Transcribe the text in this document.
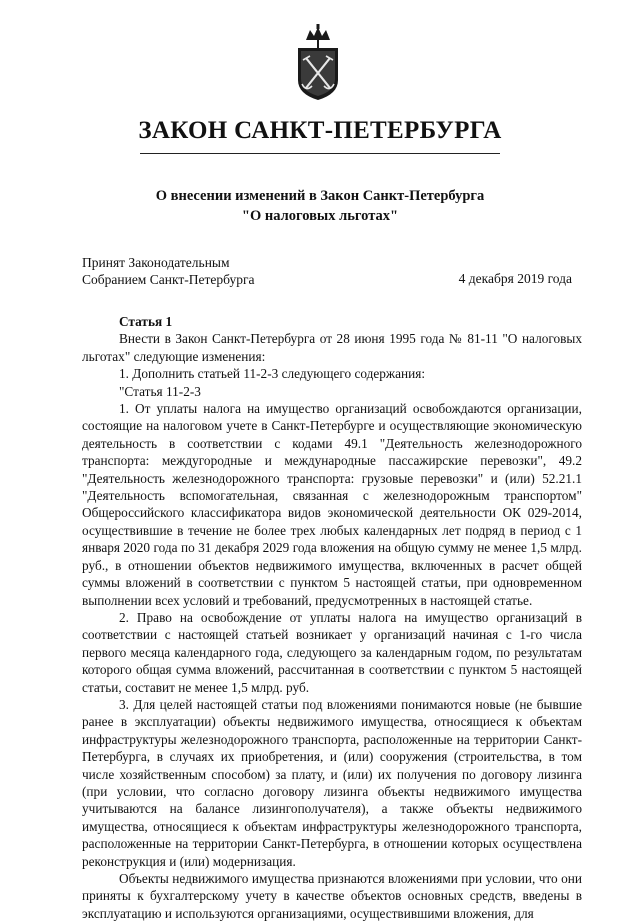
ЗАКОН САНКТ-ПЕТЕРБУРГА
О внесении изменений в Закон Санкт-Петербурга
"О налоговых льготах"
Принят Законодательным
Собранием Санкт-Петербурга	4 декабря 2019 года

Статья 1

Внести в Закон Санкт-Петербурга от 28 июня 1995 года № 81-11 "О налоговых льготах" следующие изменения:

1. Дополнить статьей 11-2-3 следующего содержания:

"Статья 11-2-3

1. От уплаты налога на имущество организаций освобождаются организации, состоящие на налоговом учете в Санкт-Петербурге и осуществляющие экономическую деятельность в соответствии с кодами 49.1 "Деятельность железнодорожного транспорта: междугородные и международные пассажирские перевозки", 49.2 "Деятельность железнодорожного транспорта: грузовые перевозки" и (или) 52.21.1 "Деятельность вспомогательная, связанная с железнодорожным транспортом" Общероссийского классификатора видов экономической деятельности ОК 029-2014, осуществившие в течение не более трех любых календарных лет подряд в период с 1 января 2020 года по 31 декабря 2029 года вложения на общую сумму не менее 1,5 млрд. руб., в отношении объектов недвижимого имущества, включенных в расчет общей суммы вложений в соответствии с пунктом 5 настоящей статьи, при одновременном выполнении всех условий и требований, предусмотренных в настоящей статье.

2. Право на освобождение от уплаты налога на имущество организаций в соответствии с настоящей статьей возникает у организаций начиная с 1-го числа первого месяца календарного года, следующего за календарным годом, по результатам которого общая сумма вложений, рассчитанная в соответствии с пунктом 5 настоящей статьи, составит не менее 1,5 млрд. руб.

3. Для целей настоящей статьи под вложениями понимаются новые (не бывшие ранее в эксплуатации) объекты недвижимого имущества, относящиеся к объектам инфраструктуры железнодорожного транспорта, расположенные на территории Санкт-Петербурга, в случаях их приобретения, и (или) сооружения (строительства, в том числе хозяйственным способом) за плату, и (или) их получения по договору лизинга (при условии, что согласно договору лизинга объекты недвижимого имущества учитываются на балансе лизингополучателя), а также объекты недвижимого имущества, относящиеся к объектам инфраструктуры железнодорожного транспорта, расположенные на территории Санкт-Петербурга, в отношении которых осуществлена реконструкция и (или) модернизация.

Объекты недвижимого имущества признаются вложениями при условии, что они приняты к бухгалтерскому учету в качестве объектов основных средств, введены в эксплуатацию и используются организациями, осуществившими вложения, для
